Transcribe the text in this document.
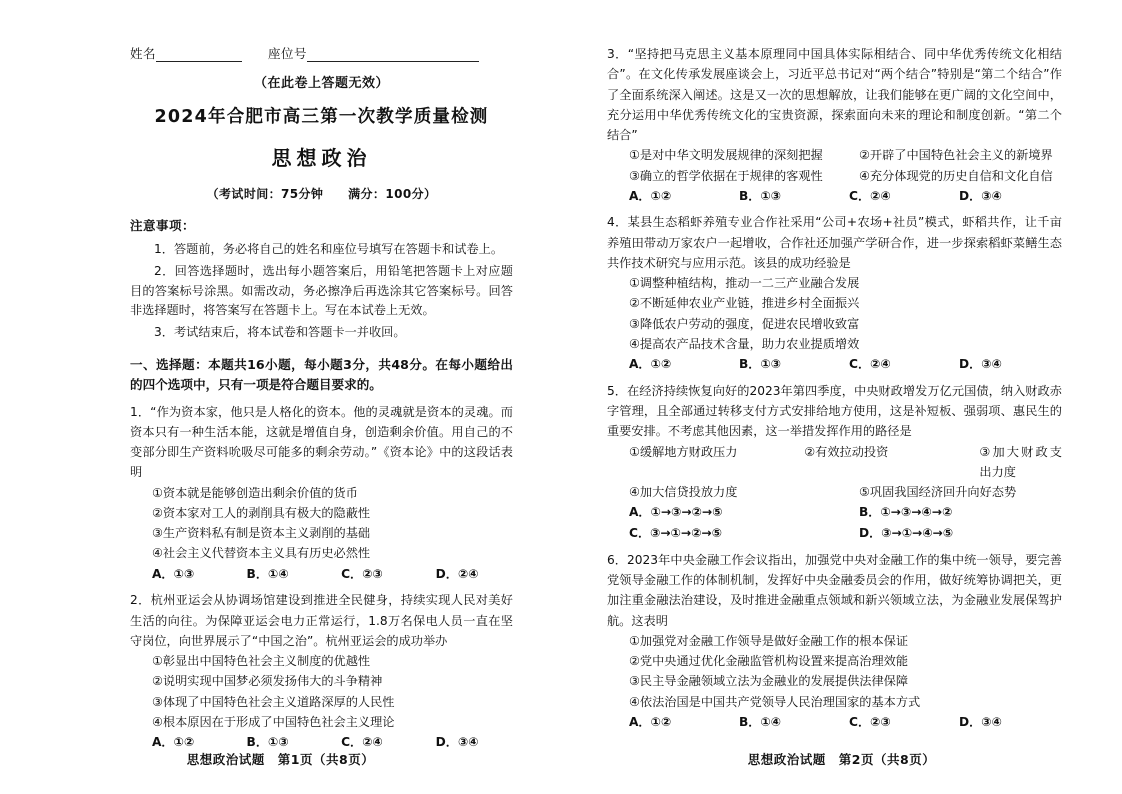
姓名	座位号
（在此卷上答题无效）
2024年合肥市高三第一次教学质量检测
思想政治
（考试时间：75分钟　　满分：100分）
注意事项：
1．答题前，务必将自己的姓名和座位号填写在答题卡和试卷上。
2．回答选择题时，选出每小题答案后，用铅笔把答题卡上对应题目的答案标号涂黑。如需改动，务必擦净后再选涂其它答案标号。回答非选择题时，将答案写在答题卡上。写在本试卷上无效。
3．考试结束后，将本试卷和答题卡一并收回。
一、选择题：本题共16小题，每小题3分，共48分。在每小题给出的四个选项中，只有一项是符合题目要求的。
1．“作为资本家，他只是人格化的资本。他的灵魂就是资本的灵魂。而资本只有一种生活本能，这就是增值自身，创造剩余价值。用自己的不变部分即生产资料吮吸尽可能多的剩余劳动。”《资本论》中的这段话表明
①资本就是能够创造出剩余价值的货币
②资本家对工人的剥削具有极大的隐蔽性
③生产资料私有制是资本主义剥削的基础
④社会主义代替资本主义具有历史必然性
A．①③	B．①④	C．②③	D．②④
2．杭州亚运会从协调场馆建设到推进全民健身，持续实现人民对美好生活的向往。为保障亚运会电力正常运行，1.8万名保电人员一直在坚守岗位，向世界展示了“中国之治”。杭州亚运会的成功举办
①彰显出中国特色社会主义制度的优越性
②说明实现中国梦必须发扬伟大的斗争精神
③体现了中国特色社会主义道路深厚的人民性
④根本原因在于形成了中国特色社会主义理论
A．①②	B．①③	C．②④	D．③④
思想政治试题　第1页（共8页）
3．“坚持把马克思主义基本原理同中国具体实际相结合、同中华优秀传统文化相结合”。在文化传承发展座谈会上，习近平总书记对“两个结合”特别是“第二个结合”作了全面系统深入阐述。这是又一次的思想解放，让我们能够在更广阔的文化空间中，充分运用中华优秀传统文化的宝贵资源，探索面向未来的理论和制度创新。“第二个结合”
①是对中华文明发展规律的深刻把握	②开辟了中国特色社会主义的新境界
③确立的哲学依据在于规律的客观性	④充分体现党的历史自信和文化自信
A．①②	B．①③	C．②④	D．③④
4．某县生态稻虾养殖专业合作社采用“公司+农场+社员”模式，虾稻共作，让千亩养殖田带动万家农户一起增收，合作社还加强产学研合作，进一步探索稻虾菜鳝生态共作技术研究与应用示范。该县的成功经验是
①调整种植结构，推动一二三产业融合发展
②不断延伸农业产业链，推进乡村全面振兴
③降低农户劳动的强度，促进农民增收致富
④提高农产品技术含量，助力农业提质增效
A．①②	B．①③	C．②④	D．③④
5．在经济持续恢复向好的2023年第四季度，中央财政增发万亿元国债，纳入财政赤字管理，且全部通过转移支付方式安排给地方使用，这是补短板、强弱项、惠民生的重要安排。不考虑其他因素，这一举措发挥作用的路径是
①缓解地方财政压力	②有效拉动投资	③加大财政支出力度
④加大信贷投放力度	⑤巩固我国经济回升向好态势
A．①→③→②→⑤	B．①→③→④→②
C．③→①→②→⑤	D．③→①→④→⑤
6．2023年中央金融工作会议指出，加强党中央对金融工作的集中统一领导，要完善党领导金融工作的体制机制，发挥好中央金融委员会的作用，做好统筹协调把关，更加注重金融法治建设，及时推进金融重点领域和新兴领域立法，为金融业发展保驾护航。这表明
①加强党对金融工作领导是做好金融工作的根本保证
②党中央通过优化金融监管机构设置来提高治理效能
③民主导金融领域立法为金融业的发展提供法律保障
④依法治国是中国共产党领导人民治理国家的基本方式
A．①②	B．①④	C．②③	D．③④
思想政治试题　第2页（共8页）
